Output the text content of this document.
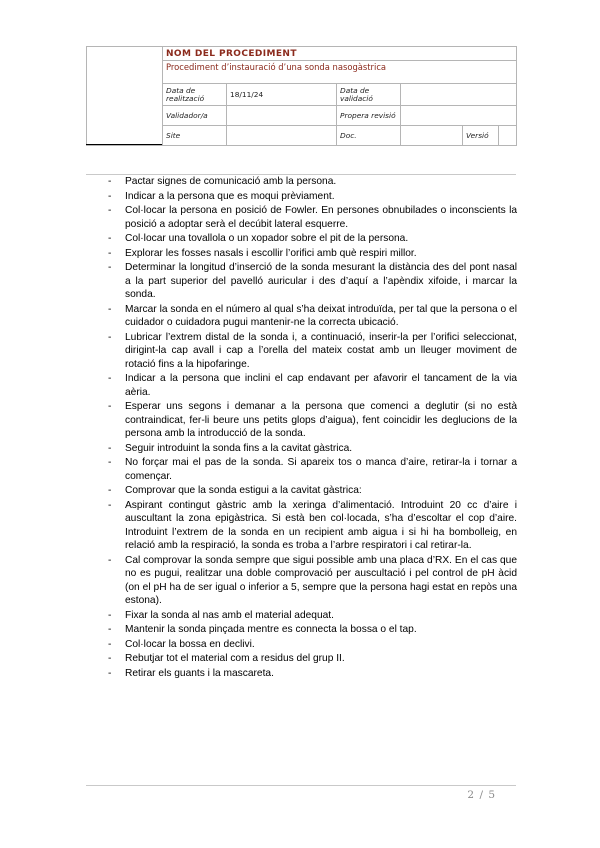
	NOM DEL PROCEDIMENT					
	Procediment d’instauració d’una sonda nasogàstrica					
	Data de realització	18/11/24	Data de validació			
	Validador/a		Propera revisió			
	Site		Doc.		Versió	
- Pactar signes de comunicació amb la persona.
- Indicar a la persona que es moqui prèviament.
- Col·locar la persona en posició de Fowler. En persones obnubilades o inconscients la posició a adoptar serà el decúbit lateral esquerre.
- Col·locar una tovallola o un xopador sobre el pit de la persona.
- Explorar les fosses nasals i escollir l’orifici amb què respiri millor.
- Determinar la longitud d’inserció de la sonda mesurant la distància des del pont nasal a la part superior del pavelló auricular i des d’aquí a l’apèndix xifoide, i marcar la sonda.
- Marcar la sonda en el número al qual s’ha deixat introduïda, per tal que la persona o el cuidador o cuidadora pugui mantenir-ne la correcta ubicació.
- Lubricar l’extrem distal de la sonda i, a continuació, inserir-la per l’orifici seleccionat, dirigint-la cap avall i cap a l’orella del mateix costat amb un lleuger moviment de rotació fins a la hipofaringe.
- Indicar a la persona que inclini el cap endavant per afavorir el tancament de la via aèria.
- Esperar uns segons i demanar a la persona que comenci a deglutir (si no està contraindicat, fer-li beure uns petits glops d’aigua), fent coincidir les deglucions de la persona amb la introducció de la sonda.
- Seguir introduint la sonda fins a la cavitat gàstrica.
- No forçar mai el pas de la sonda. Si apareix tos o manca d’aire, retirar-la i tornar a començar.
- Comprovar que la sonda estigui a la cavitat gàstrica:
- Aspirant contingut gàstric amb la xeringa d’alimentació. Introduint 20 cc d’aire i auscultant la zona epigàstrica. Si està ben col·locada, s’ha d’escoltar el cop d’aire. Introduint l’extrem de la sonda en un recipient amb aigua i si hi ha bombolleig, en relació amb la respiració, la sonda es troba a l’arbre respiratori i cal retirar-la.
- Cal comprovar la sonda sempre que sigui possible amb una placa d’RX. En el cas que no es pugui, realitzar una doble comprovació per auscultació i pel control de pH àcid (on el pH ha de ser igual o inferior a 5, sempre que la persona hagi estat en repòs una estona).
- Fixar la sonda al nas amb el material adequat.
- Mantenir la sonda pinçada mentre es connecta la bossa o el tap.
- Col·locar la bossa en declivi.
- Rebutjar tot el material com a residus del grup II.
- Retirar els guants i la mascareta.
2 / 5
